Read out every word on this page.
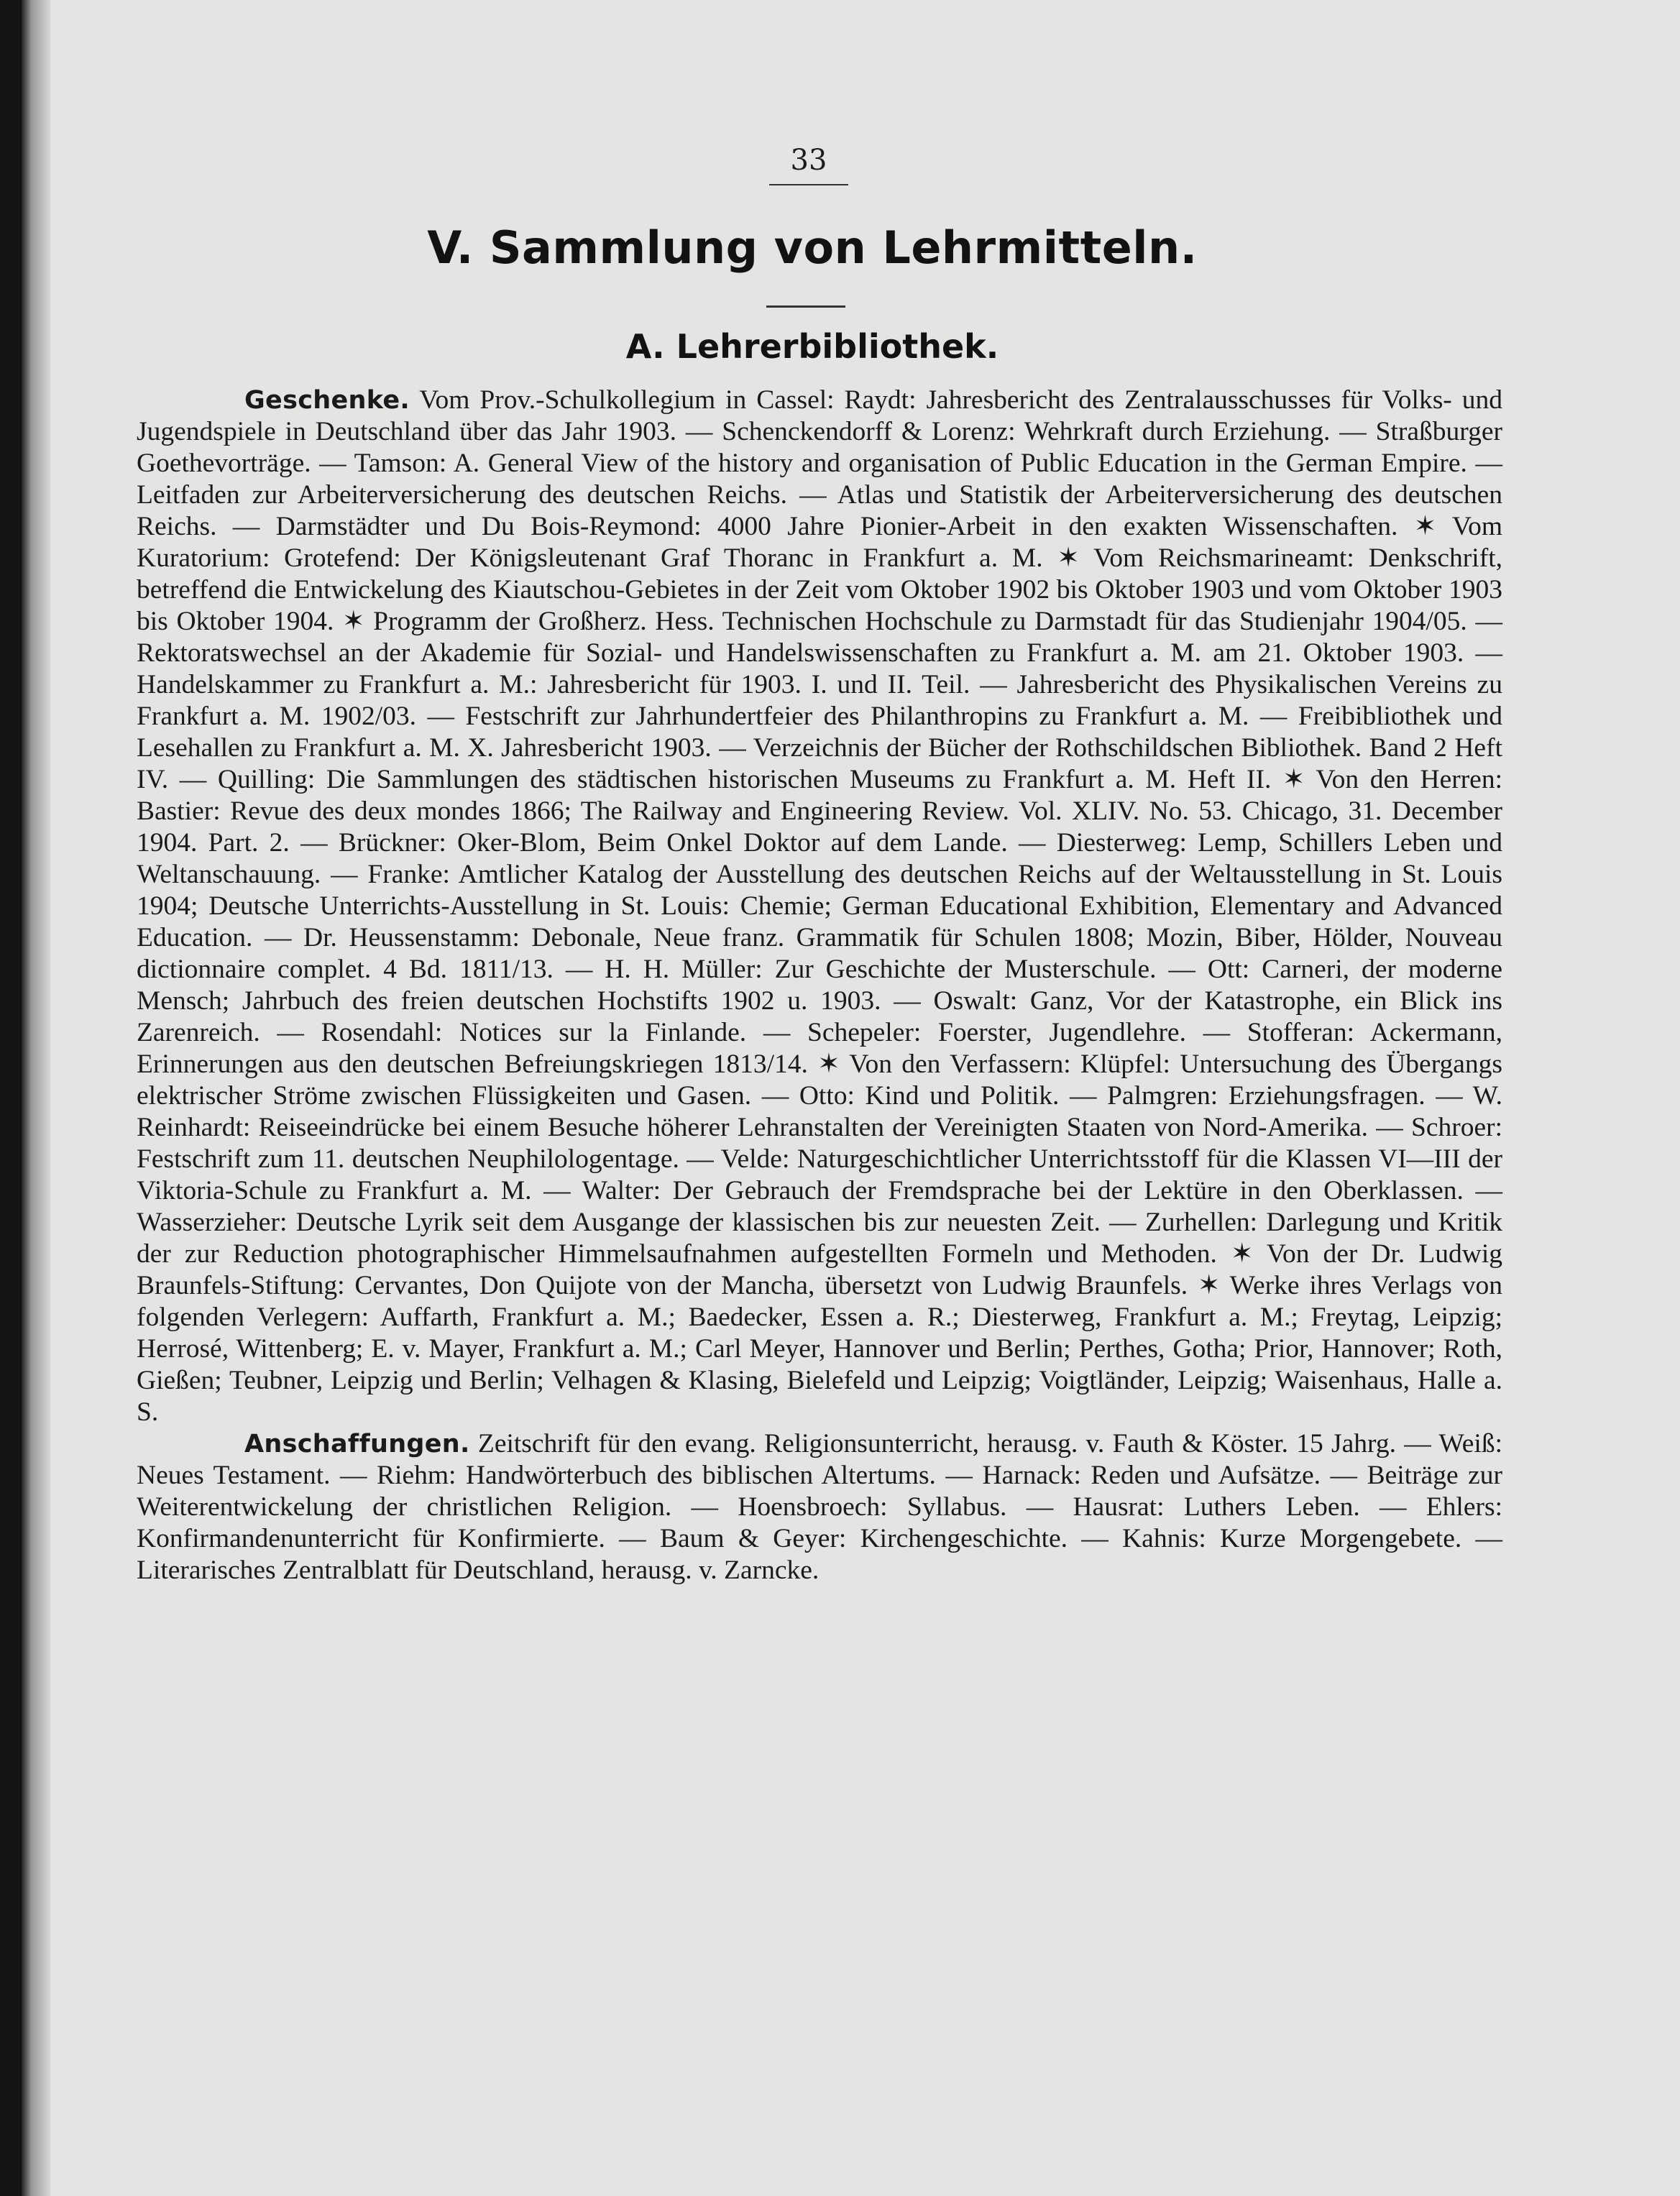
33
V. Sammlung von Lehrmitteln.
A. Lehrerbibliothek.

Geschenke. Vom Prov.-Schulkollegium in Cassel: Raydt: Jahresbericht des Zentralausschusses für Volks- und Jugendspiele in Deutschland über das Jahr 1903. — Schenckendorff & Lorenz: Wehrkraft durch Erziehung. — Straßburger Goethevorträge. — Tamson: A. General View of the history and organisation of Public Education in the German Empire. — Leitfaden zur Arbeiterversicherung des deutschen Reichs. — Atlas und Statistik der Arbeiterversicherung des deutschen Reichs. — Darmstädter und Du Bois-Reymond: 4000 Jahre Pionier-Arbeit in den exakten Wissenschaften. ✶ Vom Kuratorium: Grotefend: Der Königsleutenant Graf Thoranc in Frankfurt a. M. ✶ Vom Reichsmarineamt: Denkschrift, betreffend die Entwickelung des Kiautschou-Gebietes in der Zeit vom Oktober 1902 bis Oktober 1903 und vom Oktober 1903 bis Oktober 1904. ✶ Programm der Großherz. Hess. Technischen Hochschule zu Darmstadt für das Studienjahr 1904/05. — Rektoratswechsel an der Akademie für Sozial- und Handelswissenschaften zu Frankfurt a. M. am 21. Oktober 1903. — Handelskammer zu Frankfurt a. M.: Jahresbericht für 1903. I. und II. Teil. — Jahresbericht des Physikalischen Vereins zu Frankfurt a. M. 1902/03. — Festschrift zur Jahrhundertfeier des Philanthropins zu Frankfurt a. M. — Freibibliothek und Lesehallen zu Frankfurt a. M. X. Jahresbericht 1903. — Verzeichnis der Bücher der Rothschildschen Bibliothek. Band 2 Heft IV. — Quilling: Die Sammlungen des städtischen historischen Museums zu Frankfurt a. M. Heft II. ✶ Von den Herren: Bastier: Revue des deux mondes 1866; The Railway and Engineering Review. Vol. XLIV. No. 53. Chicago, 31. December 1904. Part. 2. — Brückner: Oker-Blom, Beim Onkel Doktor auf dem Lande. — Diesterweg: Lemp, Schillers Leben und Weltanschauung. — Franke: Amtlicher Katalog der Ausstellung des deutschen Reichs auf der Weltausstellung in St. Louis 1904; Deutsche Unterrichts-Ausstellung in St. Louis: Chemie; German Educational Exhibition, Elementary and Advanced Education. — Dr. Heussenstamm: Debonale, Neue franz. Grammatik für Schulen 1808; Mozin, Biber, Hölder, Nouveau dictionnaire complet. 4 Bd. 1811/13. — H. H. Müller: Zur Geschichte der Musterschule. — Ott: Carneri, der moderne Mensch; Jahrbuch des freien deutschen Hochstifts 1902 u. 1903. — Oswalt: Ganz, Vor der Katastrophe, ein Blick ins Zarenreich. — Rosendahl: Notices sur la Finlande. — Schepeler: Foerster, Jugendlehre. — Stofferan: Ackermann, Erinnerungen aus den deutschen Befreiungskriegen 1813/14. ✶ Von den Verfassern: Klüpfel: Untersuchung des Übergangs elektrischer Ströme zwischen Flüssigkeiten und Gasen. — Otto: Kind und Politik. — Palmgren: Erziehungsfragen. — W. Reinhardt: Reiseeindrücke bei einem Besuche höherer Lehranstalten der Vereinigten Staaten von Nord-Amerika. — Schroer: Festschrift zum 11. deutschen Neuphilologentage. — Velde: Naturgeschichtlicher Unterrichtsstoff für die Klassen VI—III der Viktoria-Schule zu Frankfurt a. M. — Walter: Der Gebrauch der Fremdsprache bei der Lektüre in den Oberklassen. — Wasserzieher: Deutsche Lyrik seit dem Ausgange der klassischen bis zur neuesten Zeit. — Zurhellen: Darlegung und Kritik der zur Reduction photographischer Himmelsaufnahmen aufgestellten Formeln und Methoden. ✶ Von der Dr. Ludwig Braunfels-Stiftung: Cervantes, Don Quijote von der Mancha, übersetzt von Ludwig Braunfels. ✶ Werke ihres Verlags von folgenden Verlegern: Auffarth, Frankfurt a. M.; Baedecker, Essen a. R.; Diesterweg, Frankfurt a. M.; Freytag, Leipzig; Herrosé, Wittenberg; E. v. Mayer, Frankfurt a. M.; Carl Meyer, Hannover und Berlin; Perthes, Gotha; Prior, Hannover; Roth, Gießen; Teubner, Leipzig und Berlin; Velhagen & Klasing, Bielefeld und Leipzig; Voigtländer, Leipzig; Waisenhaus, Halle a. S.

Anschaffungen. Zeitschrift für den evang. Religionsunterricht, herausg. v. Fauth & Köster. 15 Jahrg. — Weiß: Neues Testament. — Riehm: Handwörterbuch des biblischen Altertums. — Harnack: Reden und Aufsätze. — Beiträge zur Weiterentwickelung der christlichen Religion. — Hoensbroech: Syllabus. — Hausrat: Luthers Leben. — Ehlers: Konfirmandenunterricht für Konfirmierte. — Baum & Geyer: Kirchengeschichte. — Kahnis: Kurze Morgengebete. — Literarisches Zentralblatt für Deutschland, herausg. v. Zarncke.
